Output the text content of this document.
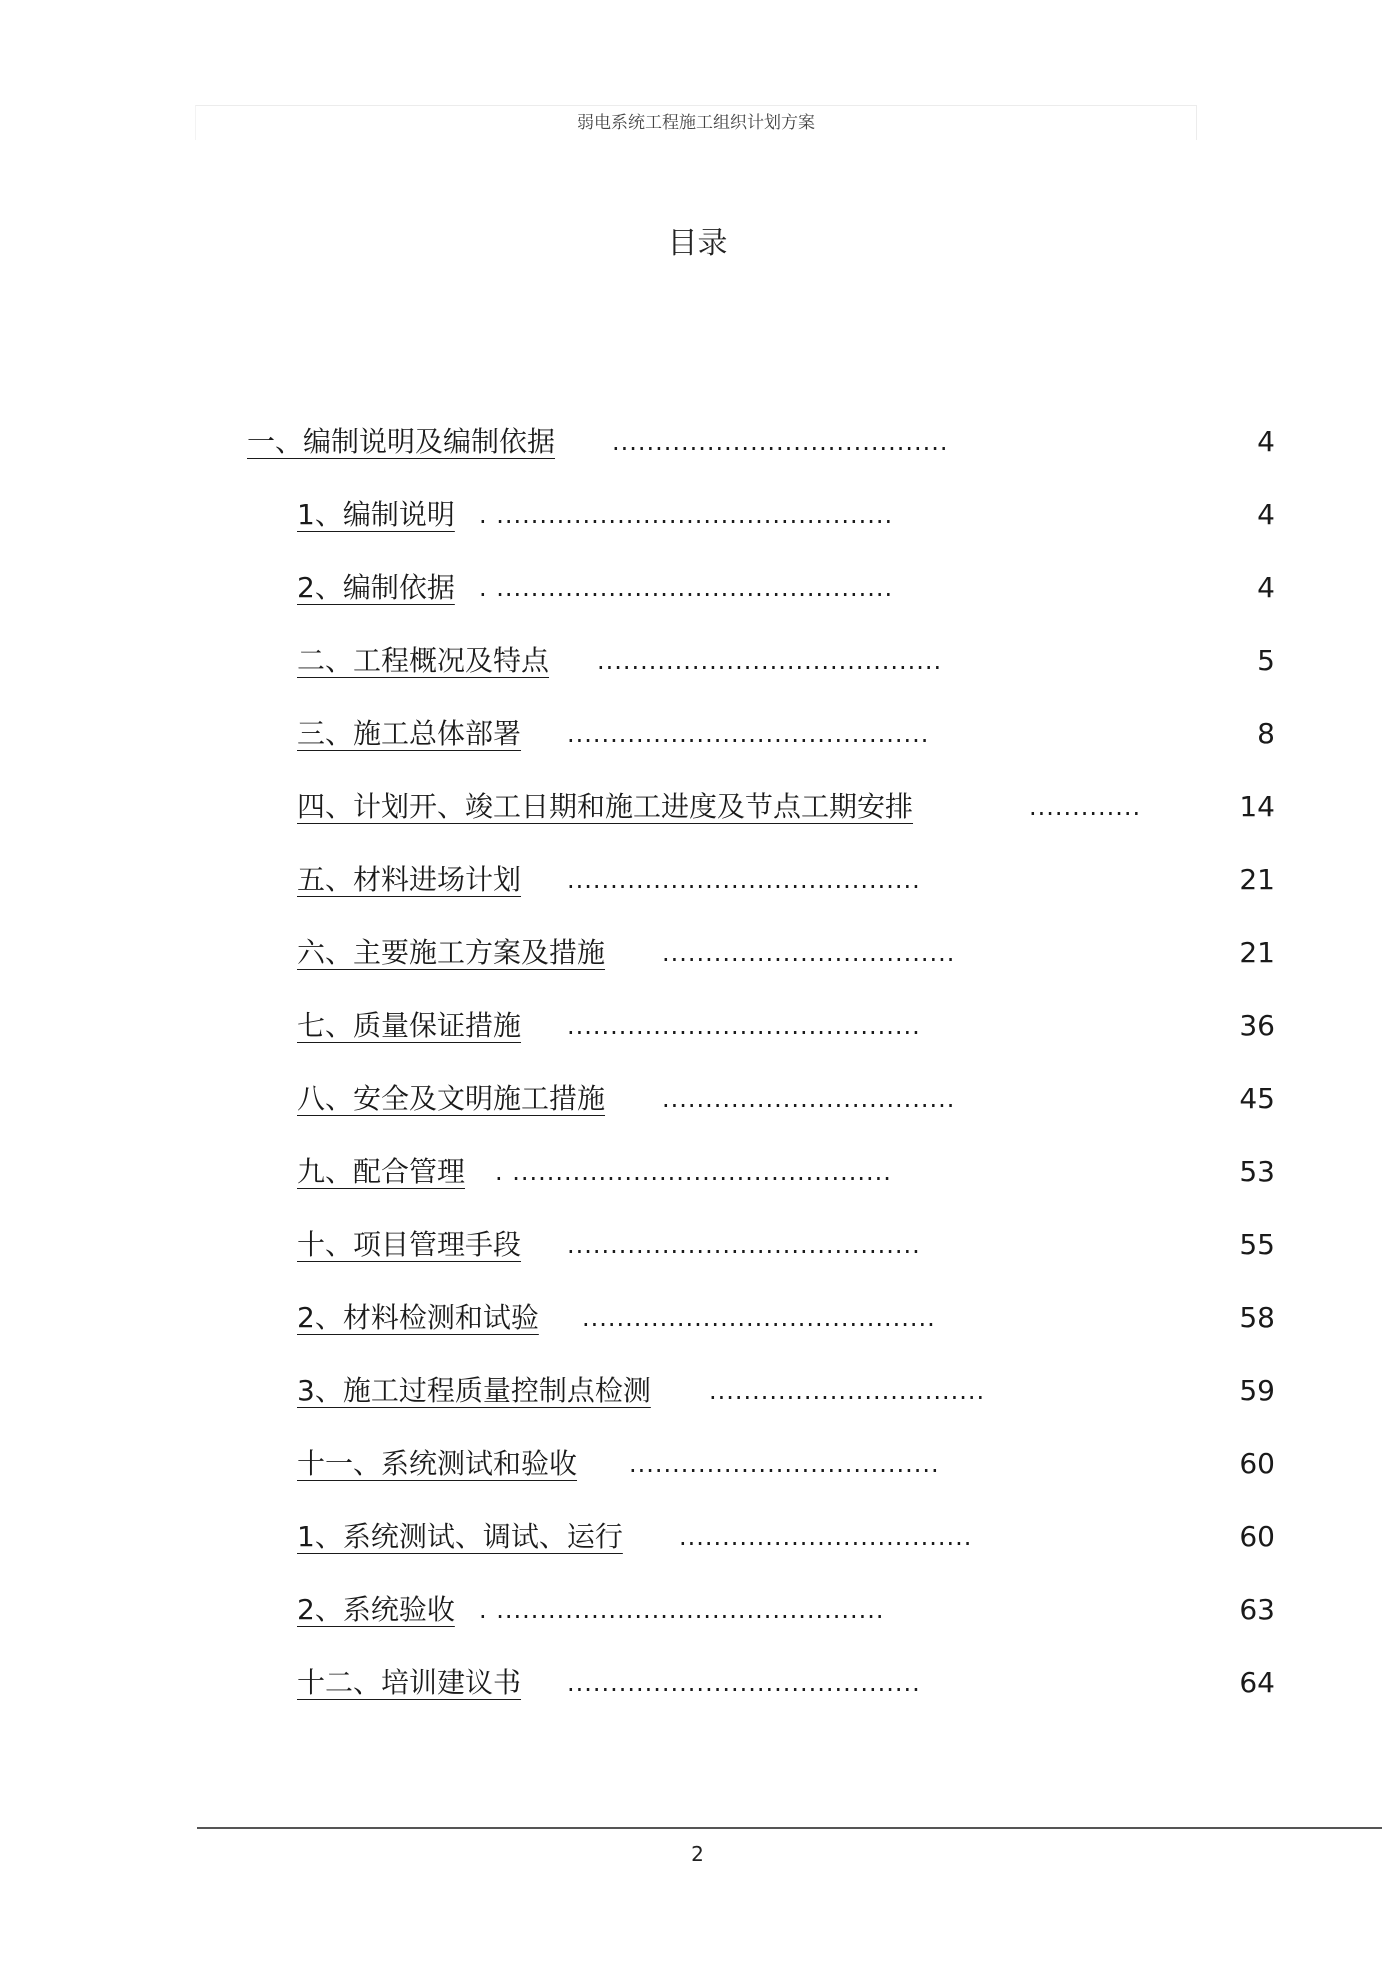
弱电系统工程施工组织计划方案
目录
一、编制说明及编制依据 .......................................	4
1、编制说明 . ..............................................	4
2、编制依据 . ..............................................	4
二、工程概况及特点 ........................................	5
三、施工总体部署 ..........................................	8
四、计划开、竣工日期和施工进度及节点工期安排	.............	14
五、材料进场计划 .........................................	21
六、主要施工方案及措施 ..................................	21
七、质量保证措施 .........................................	36
八、安全及文明施工措施 ..................................	45
九、配合管理 . ............................................	53
十、项目管理手段 .........................................	55
2、材料检测和试验 .........................................	58
3、施工过程质量控制点检测 ................................	59
十一、系统测试和验收 ....................................	60
1、系统测试、调试、运行 ..................................	60
2、系统验收 . .............................................	63
十二、培训建议书 .........................................	64
2
